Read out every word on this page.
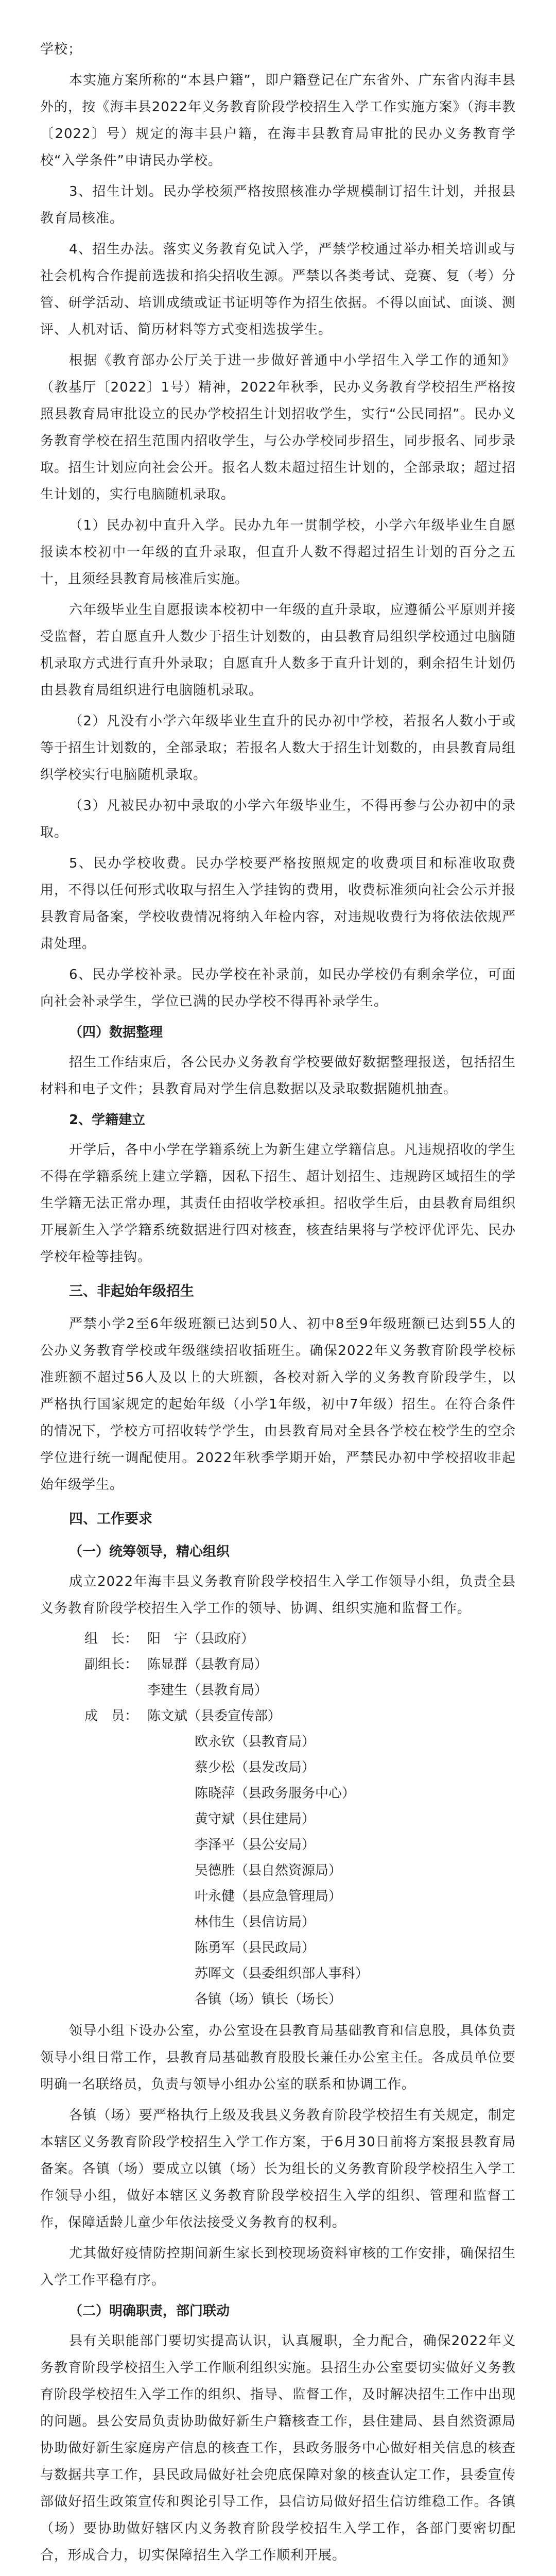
学校；

本实施方案所称的“本县户籍”，即户籍登记在广东省外、广东省内海丰县外的，按《海丰县2022年义务教育阶段学校招生入学工作实施方案》（海丰教〔2022〕号）规定的海丰县户籍，在海丰县教育局审批的民办义务教育学校“入学条件”申请民办学校。

3、招生计划。民办学校须严格按照核准办学规模制订招生计划，并报县教育局核准。

4、招生办法。落实义务教育免试入学，严禁学校通过举办相关培训或与社会机构合作提前选拔和掐尖招收生源。严禁以各类考试、竞赛、复（考）分管、研学活动、培训成绩或证书证明等作为招生依据。不得以面试、面谈、测评、人机对话、简历材料等方式变相选拔学生。

根据《教育部办公厅关于进一步做好普通中小学招生入学工作的通知》（教基厅〔2022〕1号）精神，2022年秋季，民办义务教育学校招生严格按照县教育局审批设立的民办学校招生计划招收学生，实行“公民同招”。民办义务教育学校在招生范围内招收学生，与公办学校同步招生，同步报名、同步录取。招生计划应向社会公开。报名人数未超过招生计划的，全部录取；超过招生计划的，实行电脑随机录取。

（1）民办初中直升入学。民办九年一贯制学校，小学六年级毕业生自愿报读本校初中一年级的直升录取，但直升人数不得超过招生计划的百分之五十，且须经县教育局核准后实施。

六年级毕业生自愿报读本校初中一年级的直升录取，应遵循公平原则并接受监督，若自愿直升人数少于招生计划数的，由县教育局组织学校通过电脑随机录取方式进行直升外录取；自愿直升人数多于直升计划的，剩余招生计划仍由县教育局组织进行电脑随机录取。

（2）凡没有小学六年级毕业生直升的民办初中学校，若报名人数小于或等于招生计划数的，全部录取；若报名人数大于招生计划数的，由县教育局组织学校实行电脑随机录取。

（3）凡被民办初中录取的小学六年级毕业生，不得再参与公办初中的录取。

5、民办学校收费。民办学校要严格按照规定的收费项目和标准收取费用，不得以任何形式收取与招生入学挂钩的费用，收费标准须向社会公示并报县教育局备案，学校收费情况将纳入年检内容，对违规收费行为将依法依规严肃处理。

6、民办学校补录。民办学校在补录前，如民办学校仍有剩余学位，可面向社会补录学生，学位已满的民办学校不得再补录学生。

（四）数据整理

招生工作结束后，各公民办义务教育学校要做好数据整理报送，包括招生材料和电子文件；县教育局对学生信息数据以及录取数据随机抽查。

2、学籍建立

开学后，各中小学在学籍系统上为新生建立学籍信息。凡违规招收的学生不得在学籍系统上建立学籍，因私下招生、超计划招生、违规跨区域招生的学生学籍无法正常办理，其责任由招收学校承担。招收学生后，由县教育局组织开展新生入学学籍系统数据进行四对核查，核查结果将与学校评优评先、民办学校年检等挂钩。

三、非起始年级招生

严禁小学2至6年级班额已达到50人、初中8至9年级班额已达到55人的公办义务教育学校或年级继续招收插班生。确保2022年义务教育阶段学校标准班额不超过56人及以上的大班额，各校对新入学的义务教育阶段学生，以严格执行国家规定的起始年级（小学1年级，初中7年级）招生。在符合条件的情况下，学校方可招收转学学生，由县教育局对全县各学校在校学生的空余学位进行统一调配使用。2022年秋季学期开始，严禁民办初中学校招收非起始年级学生。

四、工作要求
（一）统筹领导，精心组织

成立2022年海丰县义务教育阶段学校招生入学工作领导小组，负责全县义务教育阶段学校招生入学工作的领导、协调、组织实施和监督工作。

组　长： 阳　宇（县政府）
副组长： 陈显群（县教育局）
李建生（县教育局）
成　员： 陈文斌（县委宣传部）
欧永钦（县教育局）
蔡少松（县发改局）
陈晓萍（县政务服务中心）
黄守斌（县住建局）
李泽平（县公安局）
吴德胜（县自然资源局）
叶永健（县应急管理局）
林伟生（县信访局）
陈勇军（县民政局）
苏晖文（县委组织部人事科）
各镇（场）镇长（场长）

领导小组下设办公室，办公室设在县教育局基础教育和信息股，具体负责领导小组日常工作，县教育局基础教育股股长兼任办公室主任。各成员单位要明确一名联络员，负责与领导小组办公室的联系和协调工作。

各镇（场）要严格执行上级及我县义务教育阶段学校招生有关规定，制定本辖区义务教育阶段学校招生入学工作方案，于6月30日前将方案报县教育局备案。各镇（场）要成立以镇（场）长为组长的义务教育阶段学校招生入学工作领导小组，做好本辖区义务教育阶段学校招生入学的组织、管理和监督工作，保障适龄儿童少年依法接受义务教育的权利。

尤其做好疫情防控期间新生家长到校现场资料审核的工作安排，确保招生入学工作平稳有序。

（二）明确职责，部门联动

县有关职能部门要切实提高认识，认真履职，全力配合，确保2022年义务教育阶段学校招生入学工作顺利组织实施。县招生办公室要切实做好义务教育阶段学校招生入学工作的组织、指导、监督工作，及时解决招生工作中出现的问题。县公安局负责协助做好新生户籍核查工作，县住建局、县自然资源局协助做好新生家庭房产信息的核查工作，县政务服务中心做好相关信息的核查与数据共享工作，县民政局做好社会兜底保障对象的核查认定工作，县委宣传部做好招生政策宣传和舆论引导工作，县信访局做好招生信访维稳工作。各镇（场）要协助做好辖区内义务教育阶段学校招生入学工作，各部门要密切配合，形成合力，切实保障招生入学工作顺利开展。
